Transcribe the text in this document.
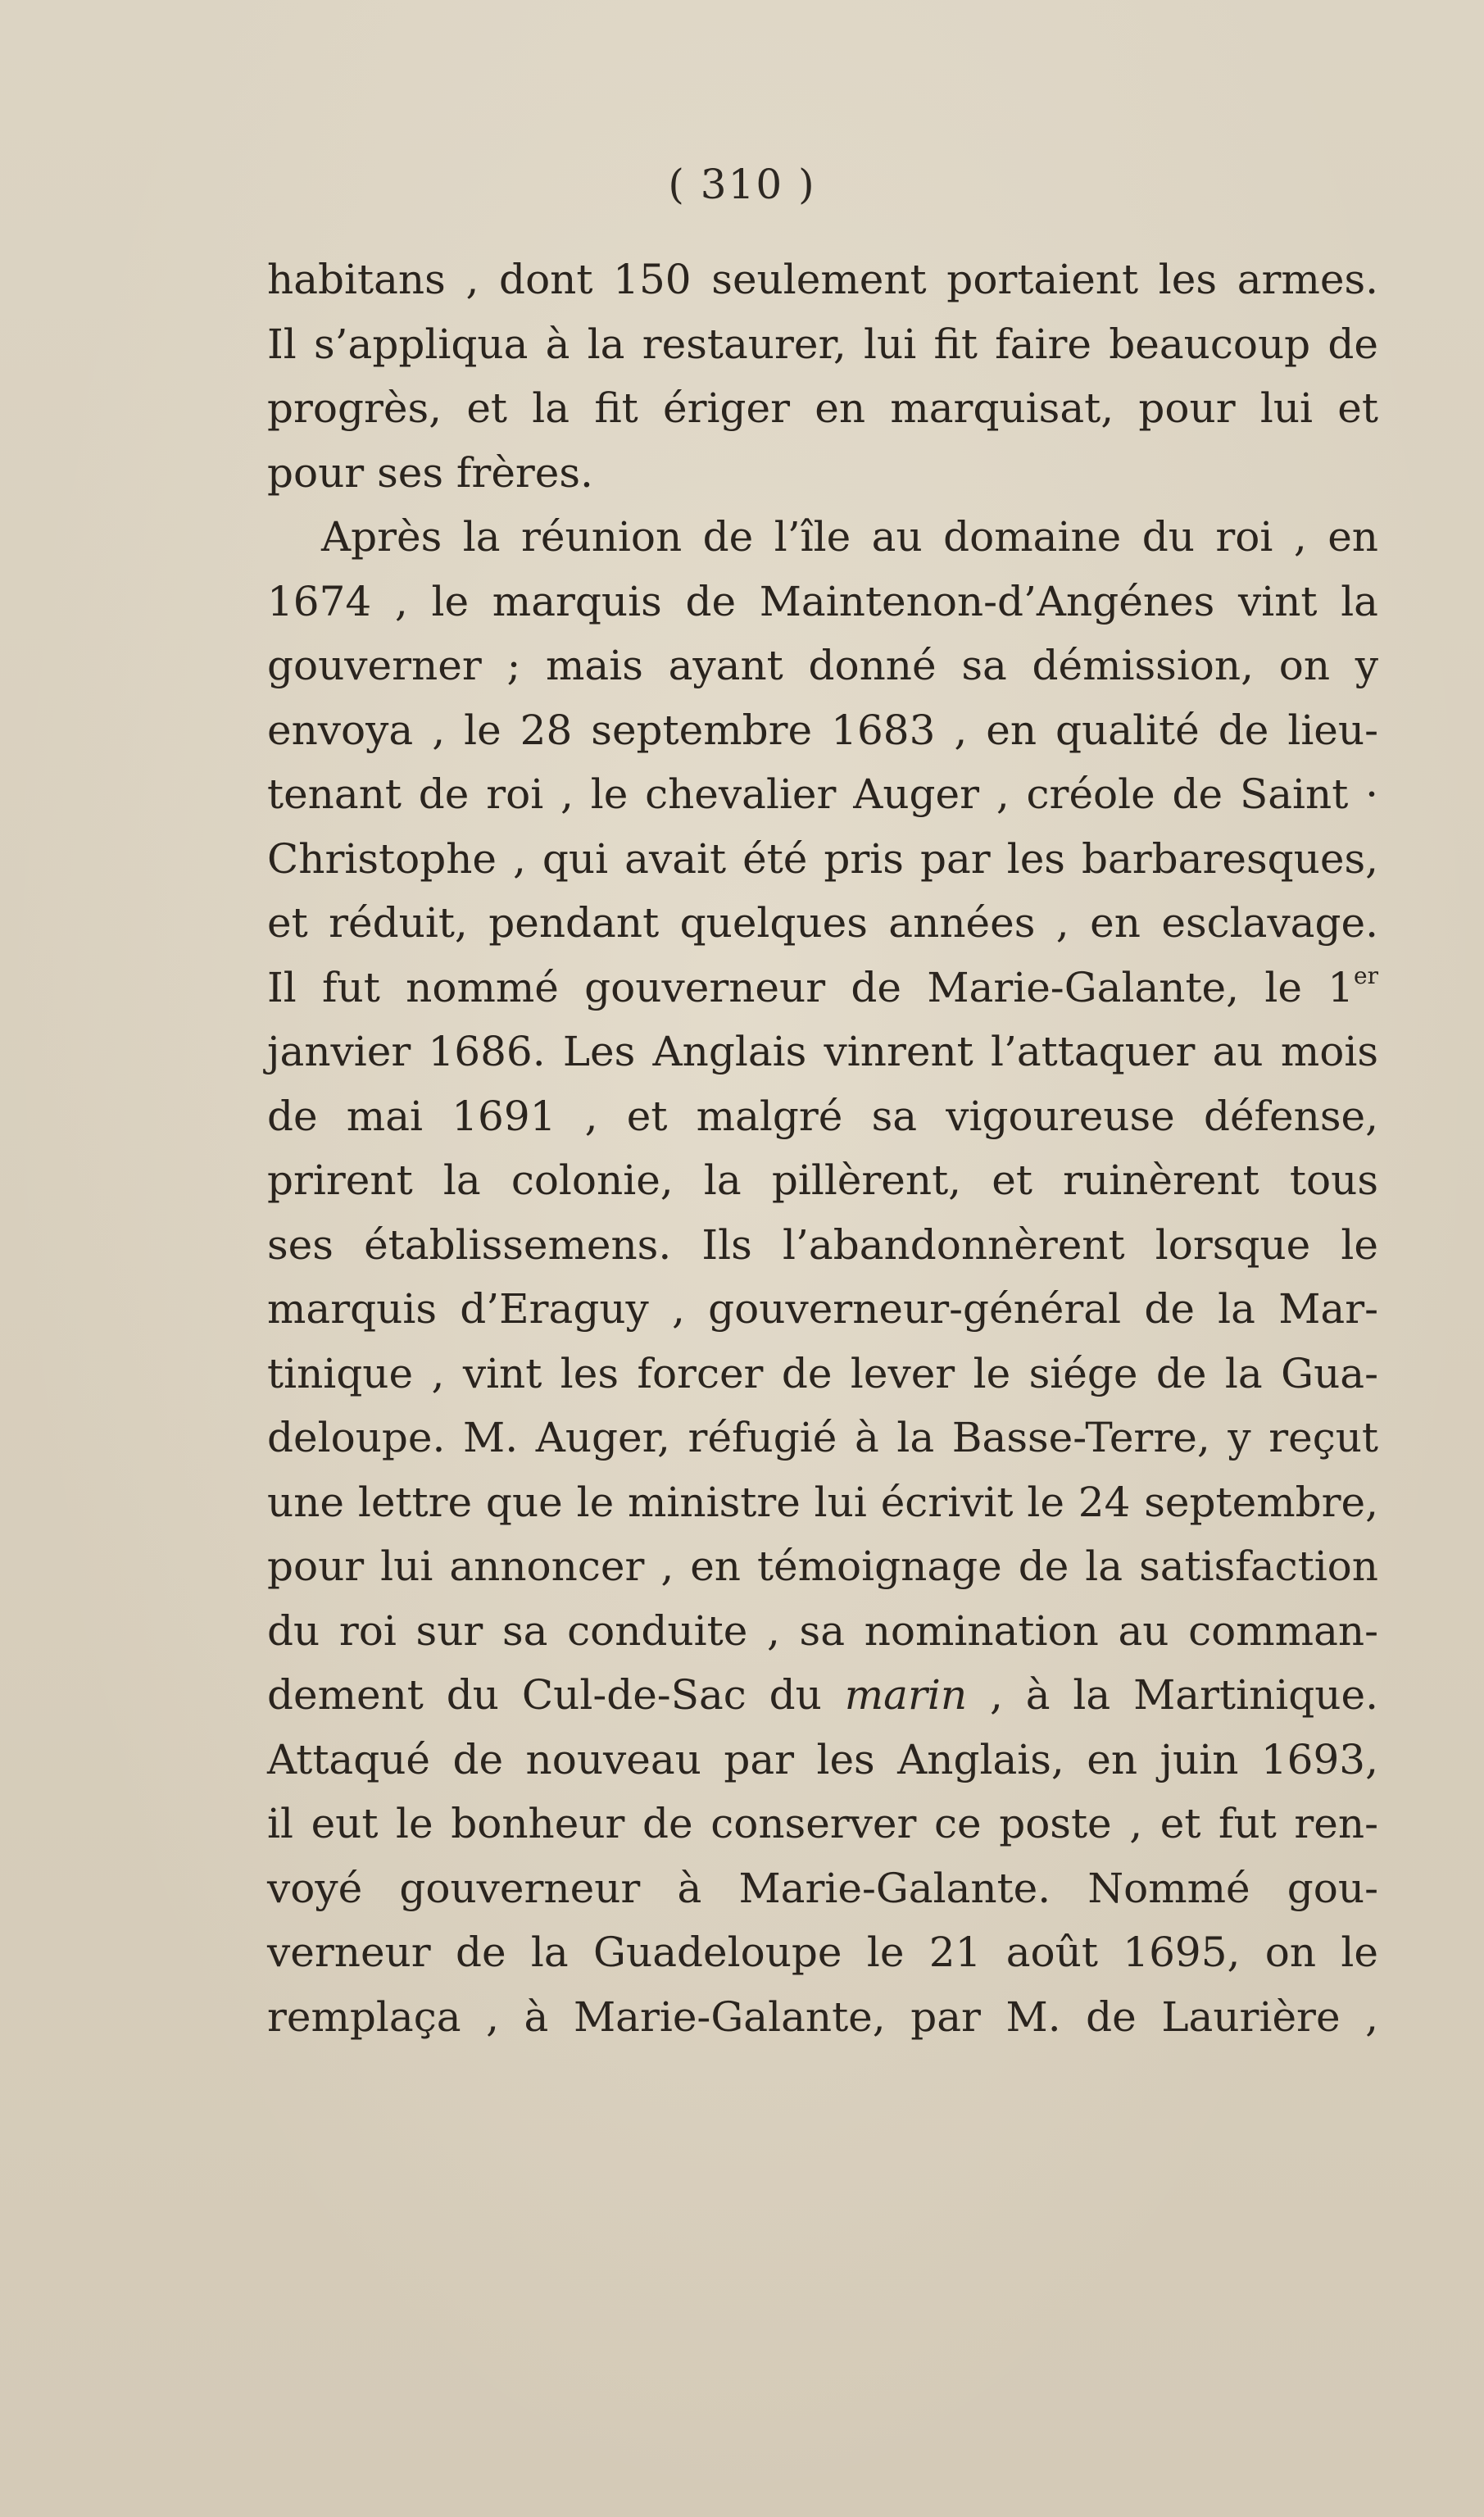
( 310 )
habitans , dont 150 seulement portaient les armes.
Il s’appliqua à la restaurer, lui fit faire beaucoup de
progrès, et la fit ériger en marquisat, pour lui et
pour ses frères.
Après la réunion de l’île au domaine du roi , en
1674 , le marquis de Maintenon-d’Angénes vint la
gouverner ; mais ayant donné sa démission, on y
envoya , le 28 septembre 1683 , en qualité de lieu-
tenant de roi , le chevalier Auger , créole de Saint ·
Christophe , qui avait été pris par les barbaresques,
et réduit, pendant quelques années , en esclavage.
Il fut nommé gouverneur de Marie-Galante, le 1er
janvier 1686. Les Anglais vinrent l’attaquer au mois
de mai 1691 , et malgré sa vigoureuse défense,
prirent la colonie, la pillèrent, et ruinèrent tous
ses établissemens. Ils l’abandonnèrent lorsque le
marquis d’Eraguy , gouverneur-général de la Mar-
tinique , vint les forcer de lever le siége de la Gua-
deloupe. M. Auger, réfugié à la Basse-Terre, y reçut
une lettre que le ministre lui écrivit le 24 septembre,
pour lui annoncer , en témoignage de la satisfaction
du roi sur sa conduite , sa nomination au comman-
dement du Cul-de-Sac du marin , à la Martinique.
Attaqué de nouveau par les Anglais, en juin 1693,
il eut le bonheur de conserver ce poste , et fut ren-
voyé gouverneur à Marie-Galante. Nommé gou-
verneur de la Guadeloupe le 21 août 1695, on le
remplaça , à Marie-Galante, par M. de Laurière ,
